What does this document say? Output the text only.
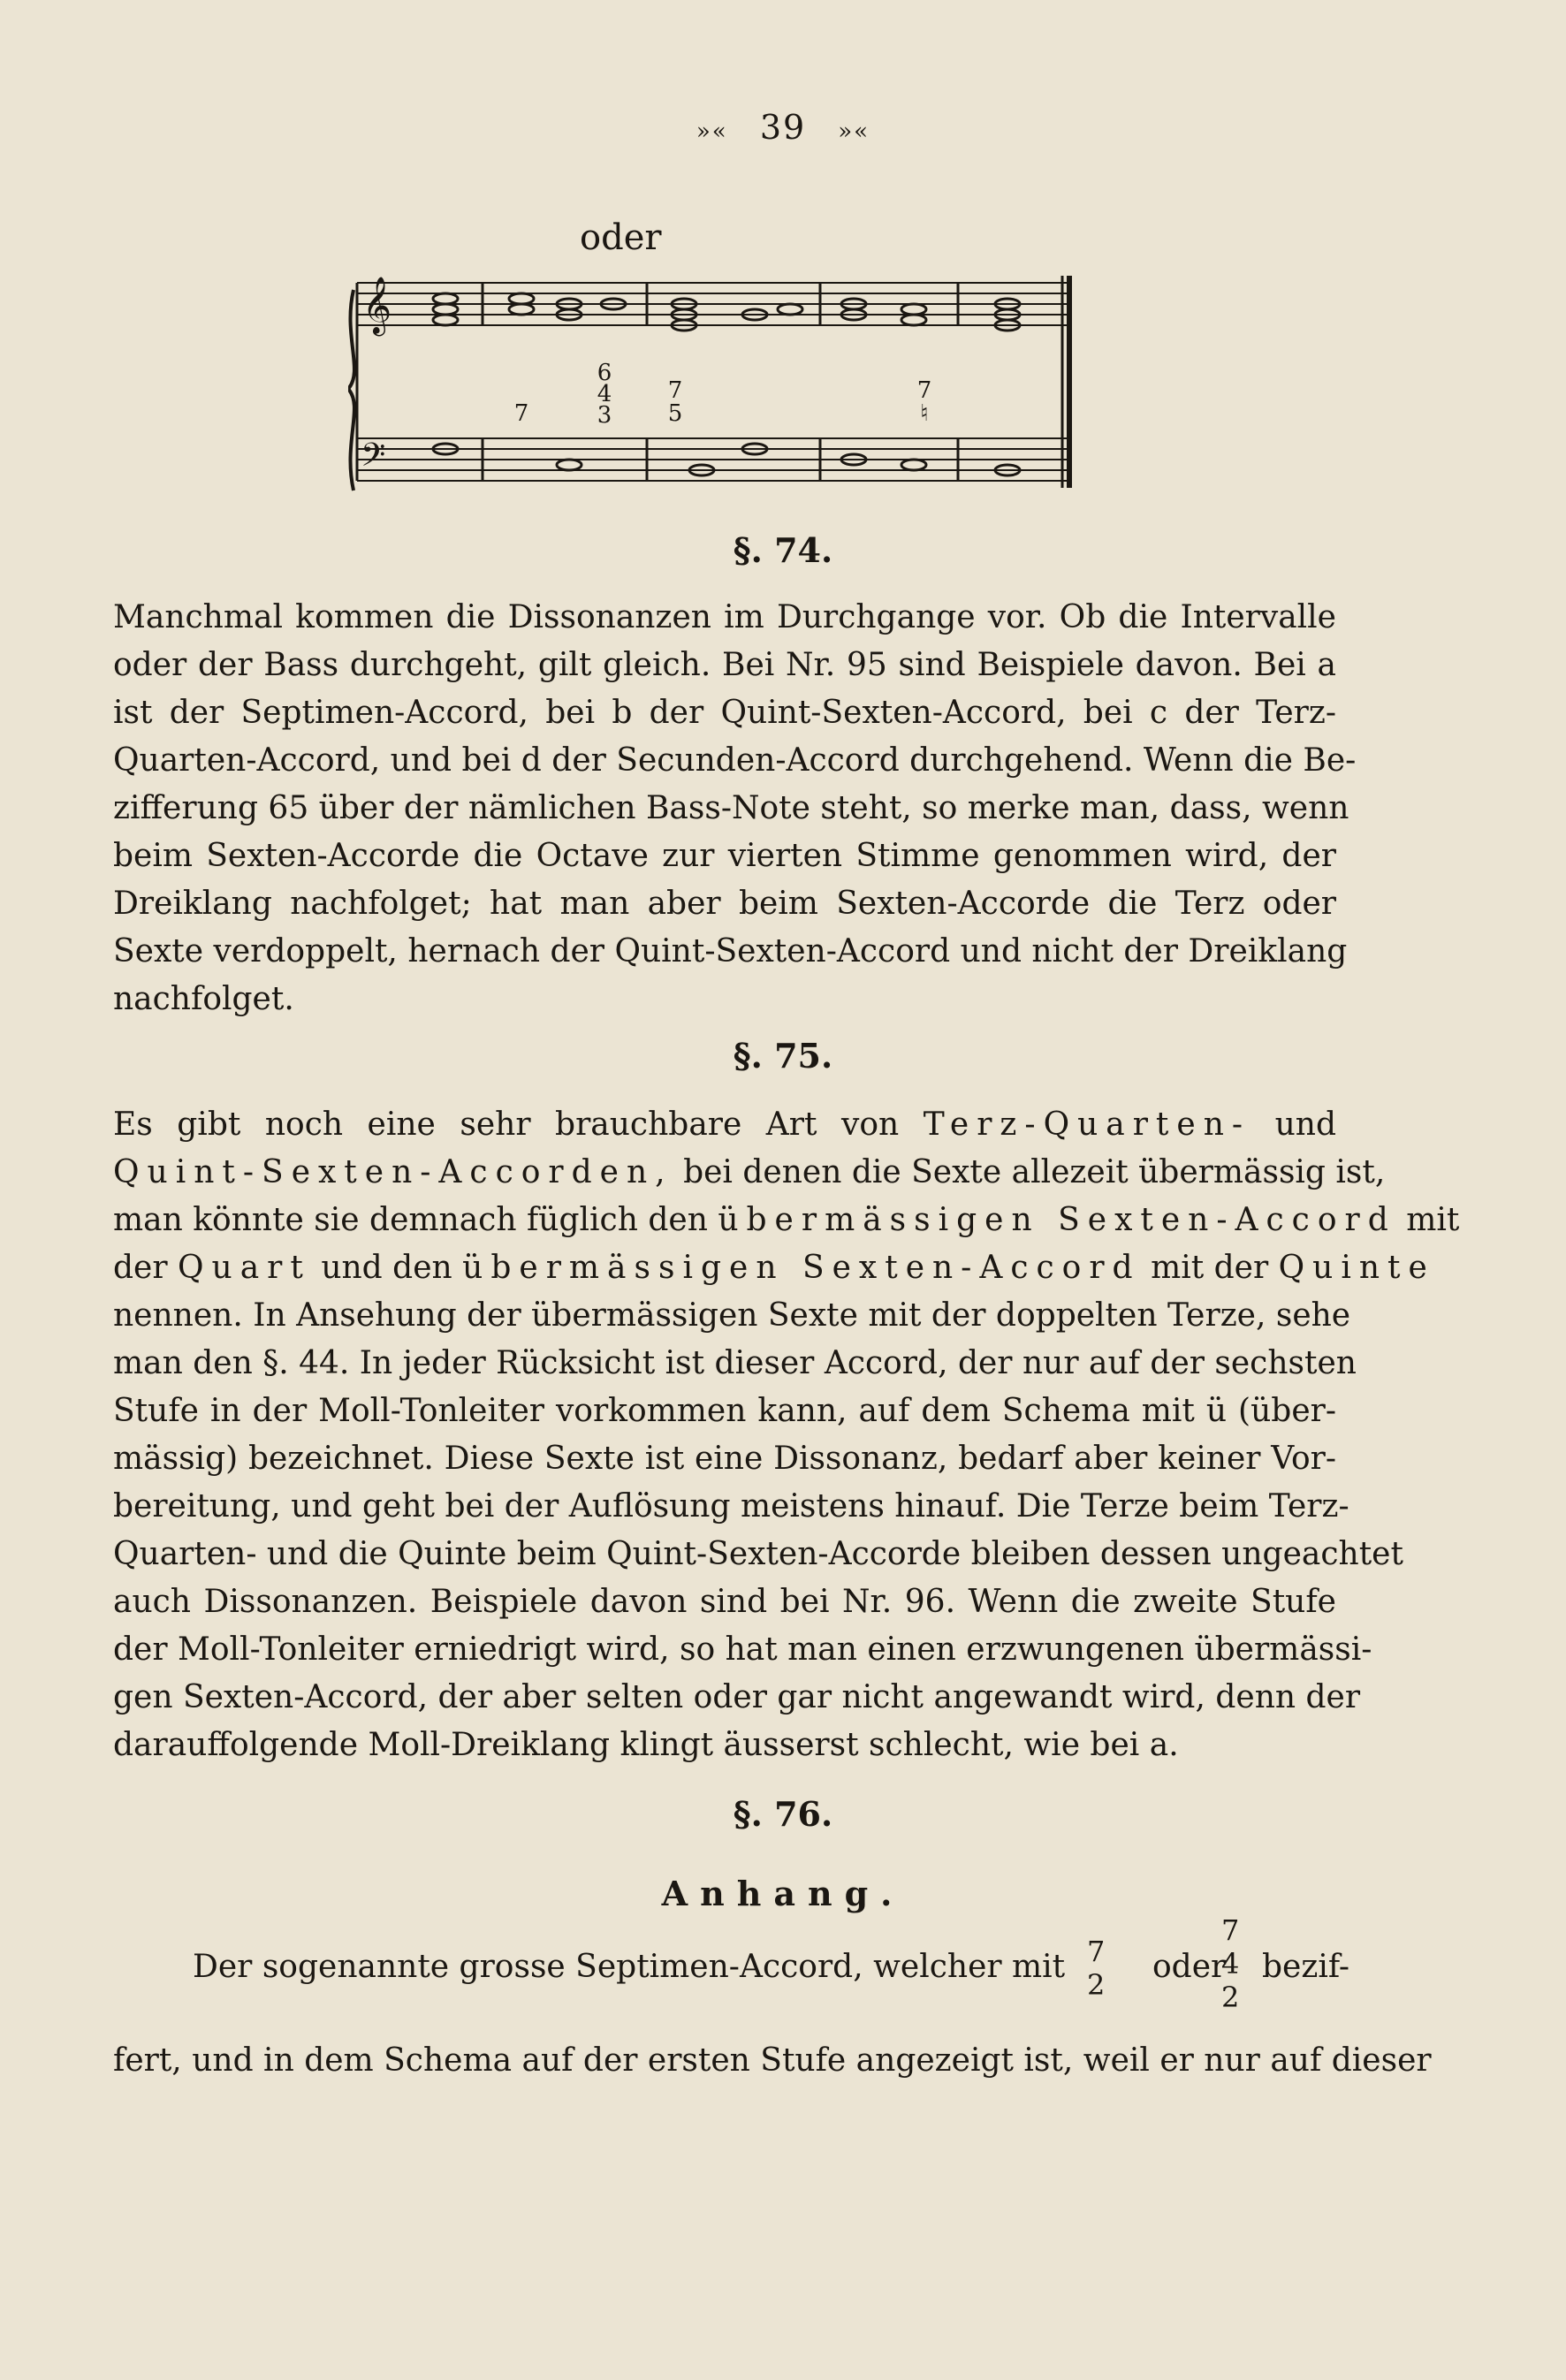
»« 39 »«
oder
𝄞
𝄢
7
6
4
3
7
5
7
♮
§. 74.
Manchmal kommen die Dissonanzen im Durchgange vor. Ob die Intervalle
oder der Bass durchgeht, gilt gleich. Bei Nr. 95 sind Beispiele davon. Bei a
ist der Septimen-Accord, bei b der Quint-Sexten-Accord, bei c der Terz-
Quarten-Accord, und bei d der Secunden-Accord durchgehend. Wenn die Be-
zifferung 65 über der nämlichen Bass-Note steht, so merke man, dass, wenn
beim Sexten-Accorde die Octave zur vierten Stimme genommen wird, der
Dreiklang nachfolget; hat man aber beim Sexten-Accorde die Terz oder
Sexte verdoppelt, hernach der Quint-Sexten-Accord und nicht der Dreiklang
nachfolget.
§. 75.
Es gibt noch eine sehr brauchbare Art von Terz-Quarten- und
Quint-Sexten-Accorden, bei denen die Sexte allezeit übermässig ist,
man könnte sie demnach füglich den übermässigen Sexten-Accord mit
der Quart und den übermässigen Sexten-Accord mit der Quinte
nennen. In Ansehung der übermässigen Sexte mit der doppelten Terze, sehe
man den §. 44. In jeder Rücksicht ist dieser Accord, der nur auf der sechsten
Stufe in der Moll-Tonleiter vorkommen kann, auf dem Schema mit ü (über-
mässig) bezeichnet. Diese Sexte ist eine Dissonanz, bedarf aber keiner Vor-
bereitung, und geht bei der Auflösung meistens hinauf. Die Terze beim Terz-
Quarten- und die Quinte beim Quint-Sexten-Accorde bleiben dessen ungeachtet
auch Dissonanzen. Beispiele davon sind bei Nr. 96. Wenn die zweite Stufe
der Moll-Tonleiter erniedrigt wird, so hat man einen erzwungenen übermässi-
gen Sexten-Accord, der aber selten oder gar nicht angewandt wird, denn der
darauffolgende Moll-Dreiklang klingt äusserst schlecht, wie bei a.
§. 76.
Anhang.
Der sogenannte grosse Septimen-Accord, welcher mit 7
2 oder
7
4
2
bezif-
fert, und in dem Schema auf der ersten Stufe angezeigt ist, weil er nur auf dieser
